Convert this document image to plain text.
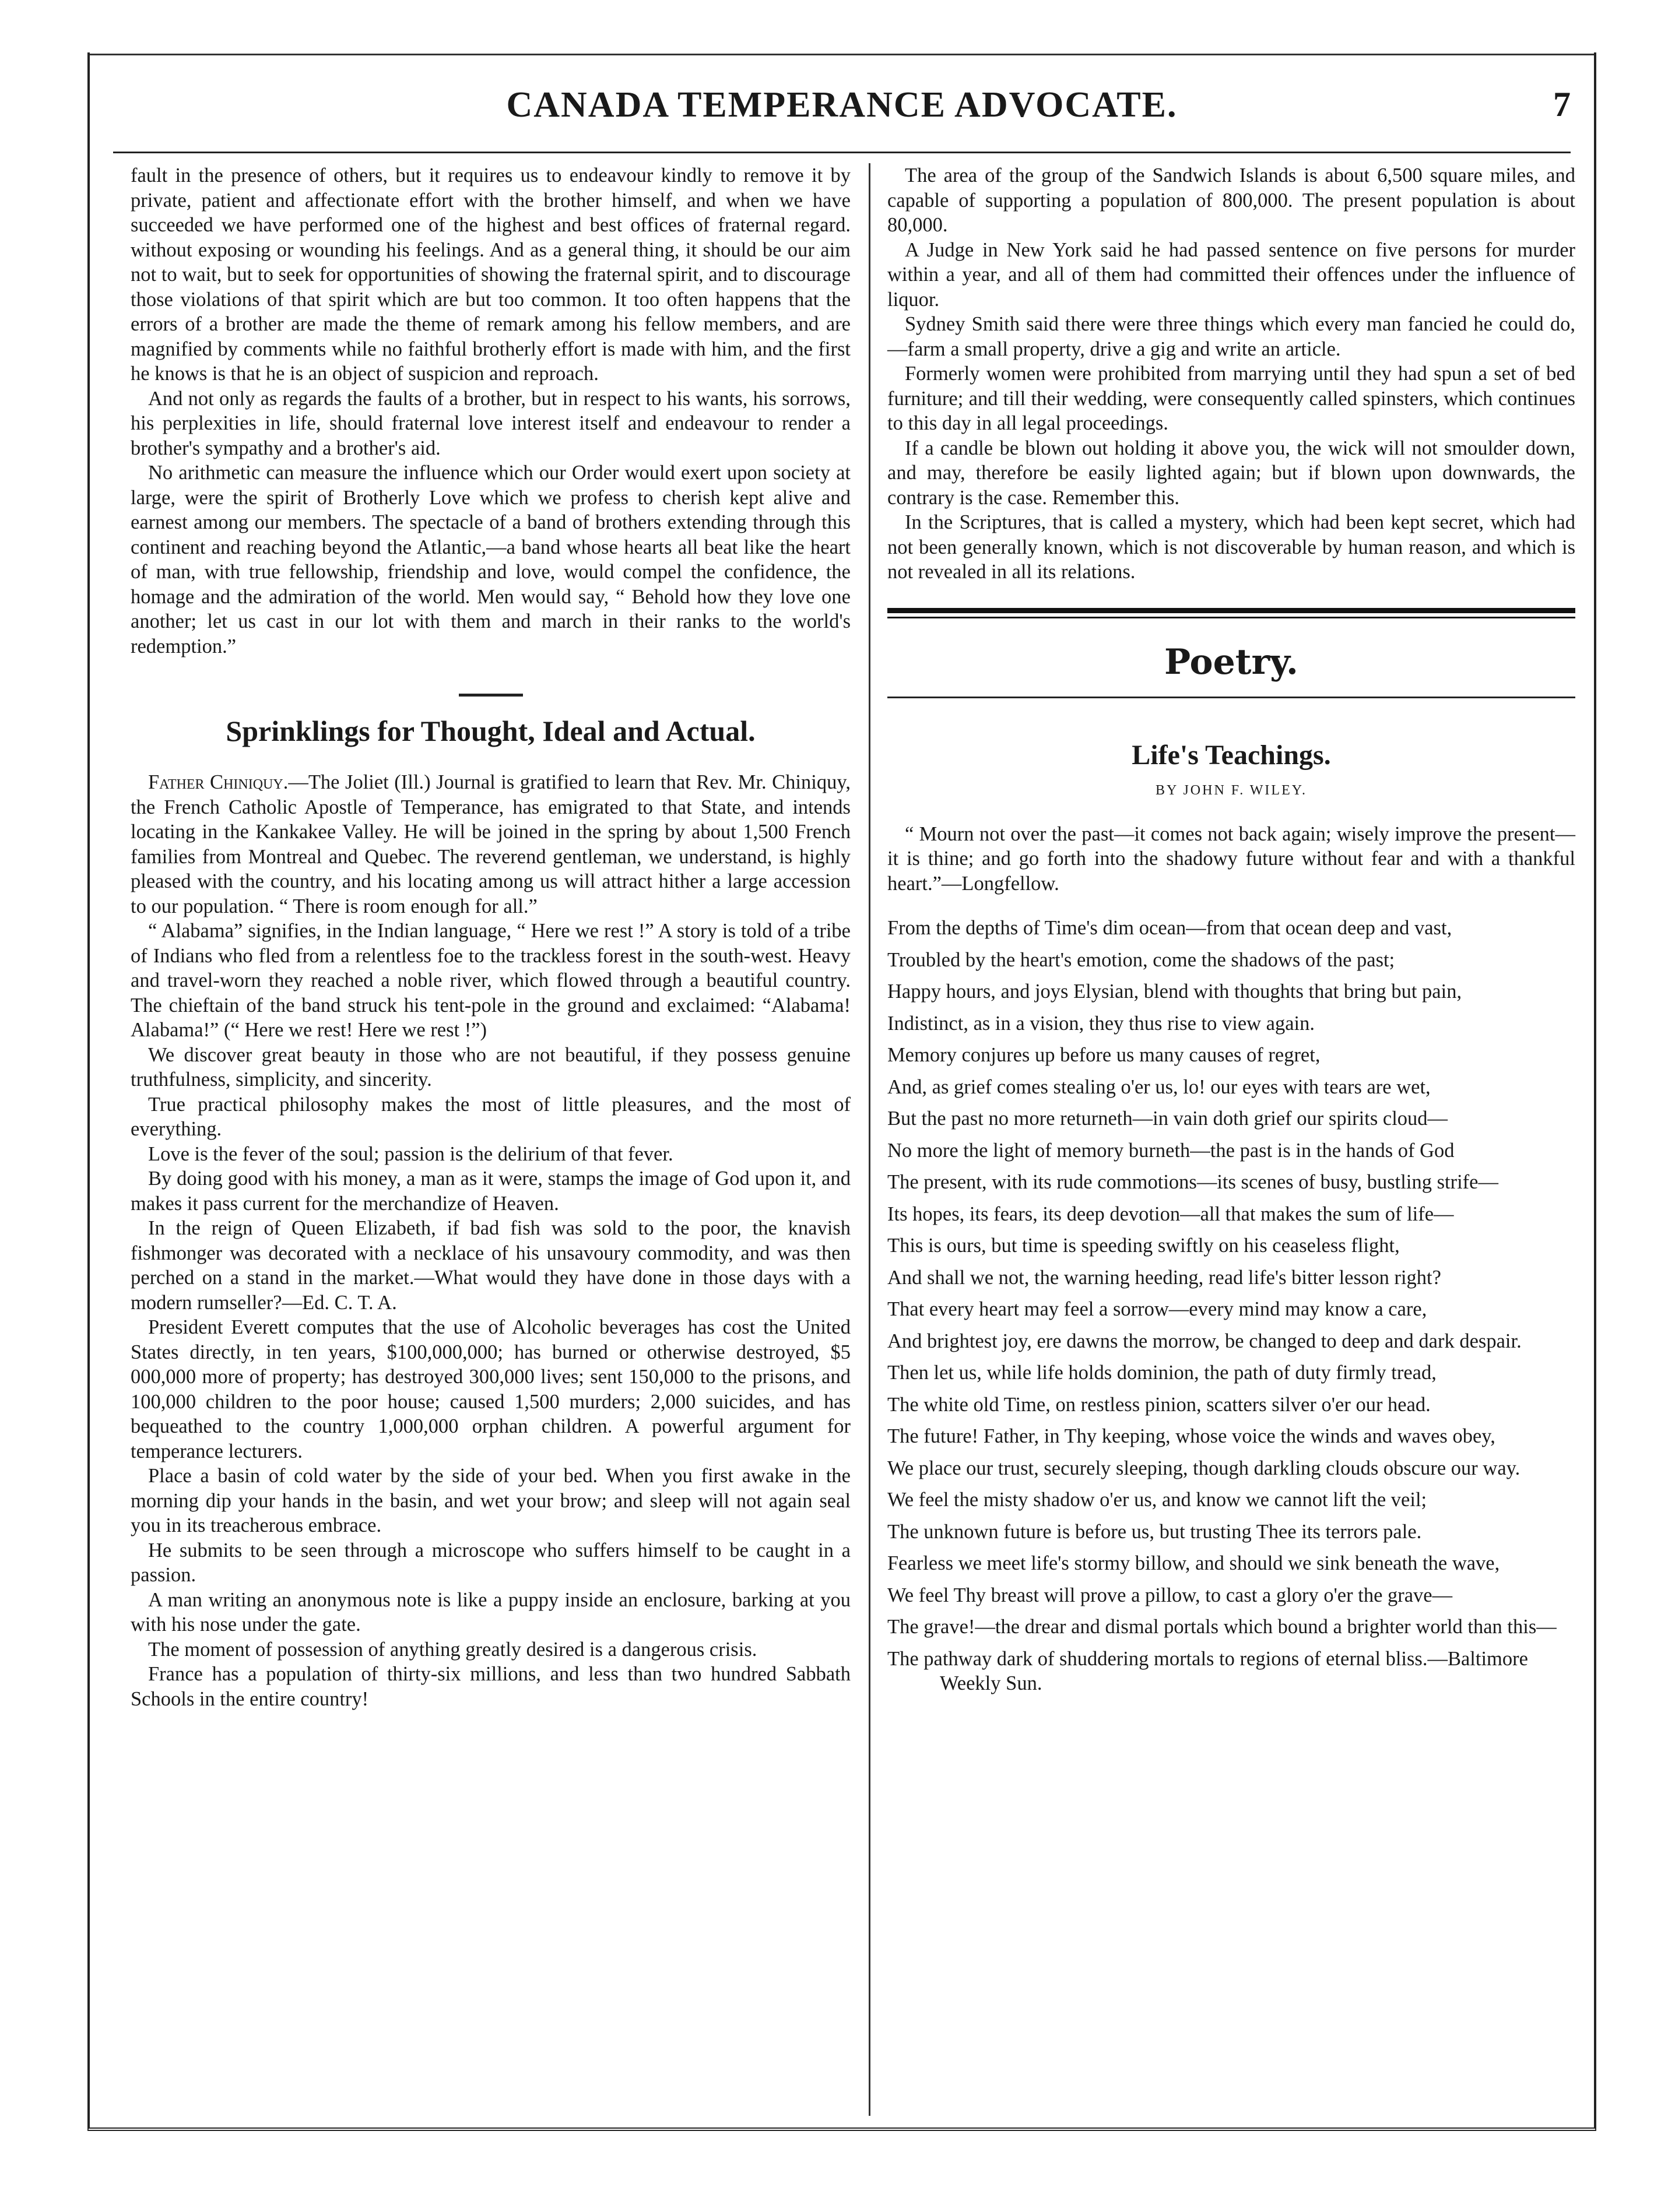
CANADA TEMPERANCE ADVOCATE.	7

fault in the presence of others, but it requires us to endeavour kindly to remove it by private, patient and affectionate effort with the brother himself, and when we have succeeded we have performed one of the highest and best offices of fraternal regard. without exposing or wounding his feelings. And as a general thing, it should be our aim not to wait, but to seek for opportunities of showing the fraternal spirit, and to discourage those violations of that spirit which are but too common. It too often happens that the errors of a brother are made the theme of remark among his fellow members, and are magnified by comments while no faithful brotherly effort is made with him, and the first he knows is that he is an object of suspicion and reproach.

And not only as regards the faults of a brother, but in respect to his wants, his sorrows, his perplexities in life, should fraternal love interest itself and endeavour to render a brother's sympathy and a brother's aid.

No arithmetic can measure the influence which our Order would exert upon society at large, were the spirit of Brotherly Love which we profess to cherish kept alive and earnest among our members. The spectacle of a band of brothers extending through this continent and reaching beyond the Atlantic,—a band whose hearts all beat like the heart of man, with true fellowship, friendship and love, would compel the confidence, the homage and the admiration of the world. Men would say, “ Behold how they love one another; let us cast in our lot with them and march in their ranks to the world's redemption.”

Sprinklings for Thought, Ideal and Actual.

Father Chiniquy.—The Joliet (Ill.) Journal is gratified to learn that Rev. Mr. Chiniquy, the French Catholic Apostle of Temperance, has emigrated to that State, and intends locating in the Kankakee Valley. He will be joined in the spring by about 1,500 French families from Montreal and Quebec. The reverend gentleman, we understand, is highly pleased with the country, and his locating among us will attract hither a large accession to our population. “ There is room enough for all.”

“ Alabama” signifies, in the Indian language, “ Here we rest !” A story is told of a tribe of Indians who fled from a relentless foe to the trackless forest in the south-west. Heavy and travel-worn they reached a noble river, which flowed through a beautiful country. The chieftain of the band struck his tent-pole in the ground and exclaimed: “Alabama! Alabama!” (“ Here we rest! Here we rest !”)

We discover great beauty in those who are not beautiful, if they possess genuine truthfulness, simplicity, and sincerity.

True practical philosophy makes the most of little pleasures, and the most of everything.

Love is the fever of the soul; passion is the delirium of that fever.

By doing good with his money, a man as it were, stamps the image of God upon it, and makes it pass current for the merchandize of Heaven.

In the reign of Queen Elizabeth, if bad fish was sold to the poor, the knavish fishmonger was decorated with a necklace of his unsavoury commodity, and was then perched on a stand in the market.—What would they have done in those days with a modern rumseller?—Ed. C. T. A.

President Everett computes that the use of Alcoholic beverages has cost the United States directly, in ten years, $100,000,000; has burned or otherwise destroyed, $5 000,000 more of property; has destroyed 300,000 lives; sent 150,000 to the prisons, and 100,000 children to the poor house; caused 1,500 murders; 2,000 suicides, and has bequeathed to the country 1,000,000 orphan children. A powerful argument for temperance lecturers.

Place a basin of cold water by the side of your bed. When you first awake in the morning dip your hands in the basin, and wet your brow; and sleep will not again seal you in its treacherous embrace.

He submits to be seen through a microscope who suffers himself to be caught in a passion.

A man writing an anonymous note is like a puppy inside an enclosure, barking at you with his nose under the gate.

The moment of possession of anything greatly desired is a dangerous crisis.

France has a population of thirty-six millions, and less than two hundred Sabbath Schools in the entire country!

The area of the group of the Sandwich Islands is about 6,500 square miles, and capable of supporting a population of 800,000. The present population is about 80,000.

A Judge in New York said he had passed sentence on five persons for murder within a year, and all of them had committed their offences under the influence of liquor.

Sydney Smith said there were three things which every man fancied he could do,—farm a small property, drive a gig and write an article.

Formerly women were prohibited from marrying until they had spun a set of bed furniture; and till their wedding, were consequently called spinsters, which continues to this day in all legal proceedings.

If a candle be blown out holding it above you, the wick will not smoulder down, and may, therefore be easily lighted again; but if blown upon downwards, the contrary is the case. Remember this.

In the Scriptures, that is called a mystery, which had been kept secret, which had not been generally known, which is not discoverable by human reason, and which is not revealed in all its relations.

Poetry.
Life's Teachings.
BY JOHN F. WILEY.
“ Mourn not over the past—it comes not back again; wisely improve the present—it is thine; and go forth into the shadowy future without fear and with a thankful heart.”—Longfellow.
From the depths of Time's dim ocean—from that ocean deep and vast,
Troubled by the heart's emotion, come the shadows of the past;
Happy hours, and joys Elysian, blend with thoughts that bring but pain,
Indistinct, as in a vision, they thus rise to view again.
Memory conjures up before us many causes of regret,
And, as grief comes stealing o'er us, lo! our eyes with tears are wet,
But the past no more returneth—in vain doth grief our spirits cloud—
No more the light of memory burneth—the past is in the hands of God
The present, with its rude commotions—its scenes of busy, bustling strife—
Its hopes, its fears, its deep devotion—all that makes the sum of life—
This is ours, but time is speeding swiftly on his ceaseless flight,
And shall we not, the warning heeding, read life's bitter lesson right?
That every heart may feel a sorrow—every mind may know a care,
And brightest joy, ere dawns the morrow, be changed to deep and dark despair.
Then let us, while life holds dominion, the path of duty firmly tread,
The white old Time, on restless pinion, scatters silver o'er our head.
The future! Father, in Thy keeping, whose voice the winds and waves obey,
We place our trust, securely sleeping, though darkling clouds obscure our way.
We feel the misty shadow o'er us, and know we cannot lift the veil;
The unknown future is before us, but trusting Thee its terrors pale.
Fearless we meet life's stormy billow, and should we sink beneath the wave,
We feel Thy breast will prove a pillow, to cast a glory o'er the grave—
The grave!—the drear and dismal portals which bound a brighter world than this—
The pathway dark of shuddering mortals to regions of eternal bliss.—Baltimore Weekly Sun.
